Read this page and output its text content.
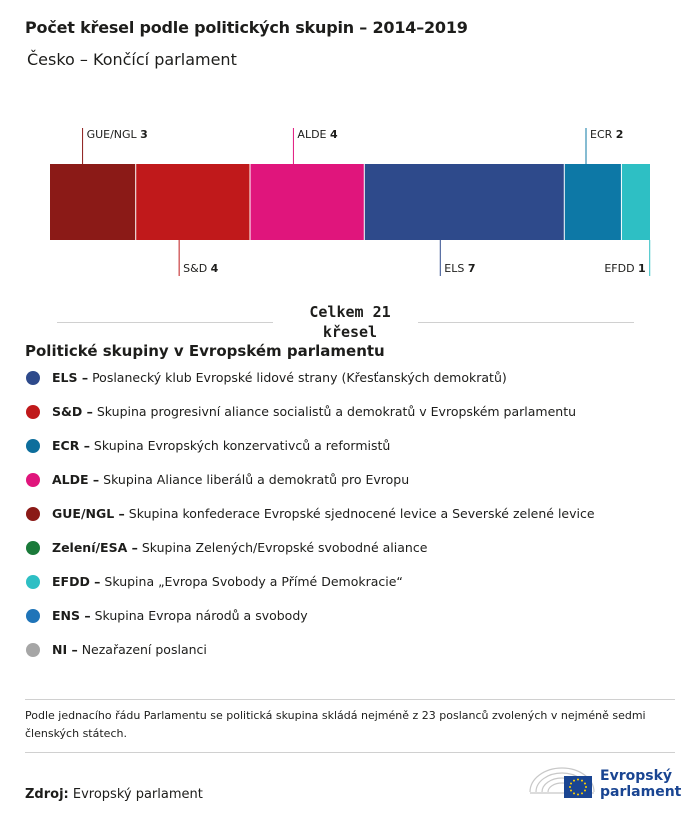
Počet křesel podle politických skupin – 2014–2019
Česko – Končící parlament
GUE/NGL 3
S&D 4
ALDE 4
ELS 7
ECR 2
EFDD 1
Celkem 21
křesel
Politické skupiny v Evropském parlamentu
ELS – Poslanecký klub Evropské lidové strany (Křesťanských demokratů)
S&D – Skupina progresivní aliance socialistů a demokratů v Evropském parlamentu
ECR – Skupina Evropských konzervativců a reformistů
ALDE – Skupina Aliance liberálů a demokratů pro Evropu
GUE/NGL – Skupina konfederace Evropské sjednocené levice a Severské zelené levice
Zelení/ESA – Skupina Zelených/Evropské svobodné aliance
EFDD – Skupina „Evropa Svobody a Přímé Demokracie“
ENS – Skupina Evropa národů a svobody
NI – Nezařazení poslanci
Podle jednacího řádu Parlamentu se politická skupina skládá nejméně z 23 poslanců zvolených v nejméně sedmi členských státech.
Zdroj: Evropský parlament
Evropský
parlament
